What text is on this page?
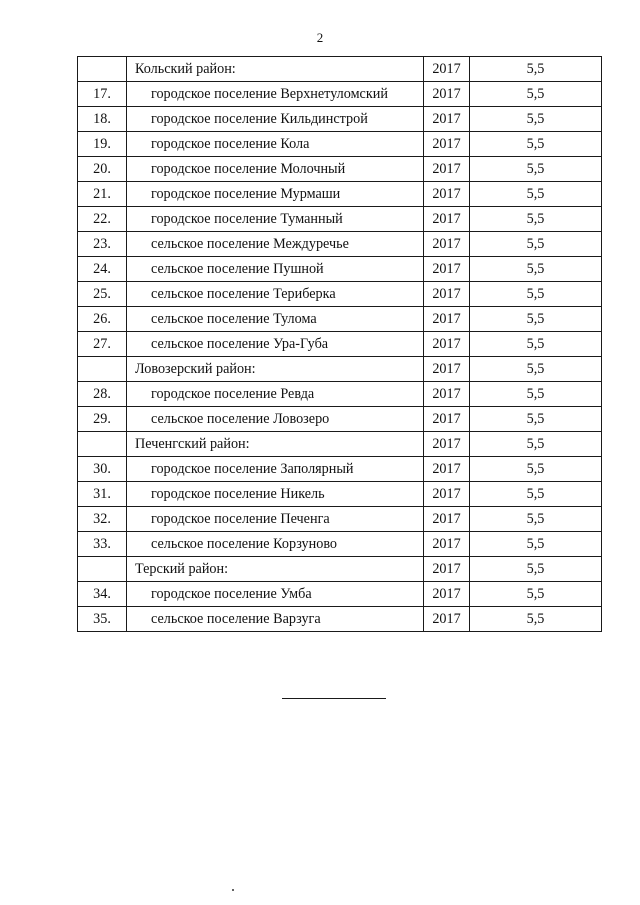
2
	Кольский район:	2017	5,5
17.	городское поселение Верхнетуломский	2017	5,5
18.	городское поселение Кильдинстрой	2017	5,5
19.	городское поселение Кола	2017	5,5
20.	городское поселение Молочный	2017	5,5
21.	городское поселение Мурмаши	2017	5,5
22.	городское поселение Туманный	2017	5,5
23.	сельское поселение Междуречье	2017	5,5
24.	сельское поселение Пушной	2017	5,5
25.	сельское поселение Териберка	2017	5,5
26.	сельское поселение Тулома	2017	5,5
27.	сельское поселение Ура-Губа	2017	5,5
	Ловозерский район:	2017	5,5
28.	городское поселение Ревда	2017	5,5
29.	сельское поселение Ловозеро	2017	5,5
	Печенгский район:	2017	5,5
30.	городское поселение Заполярный	2017	5,5
31.	городское поселение Никель	2017	5,5
32.	городское поселение Печенга	2017	5,5
33.	сельское поселение Корзуново	2017	5,5
	Терский район:	2017	5,5
34.	городское поселение Умба	2017	5,5
35.	сельское поселение Варзуга	2017	5,5
